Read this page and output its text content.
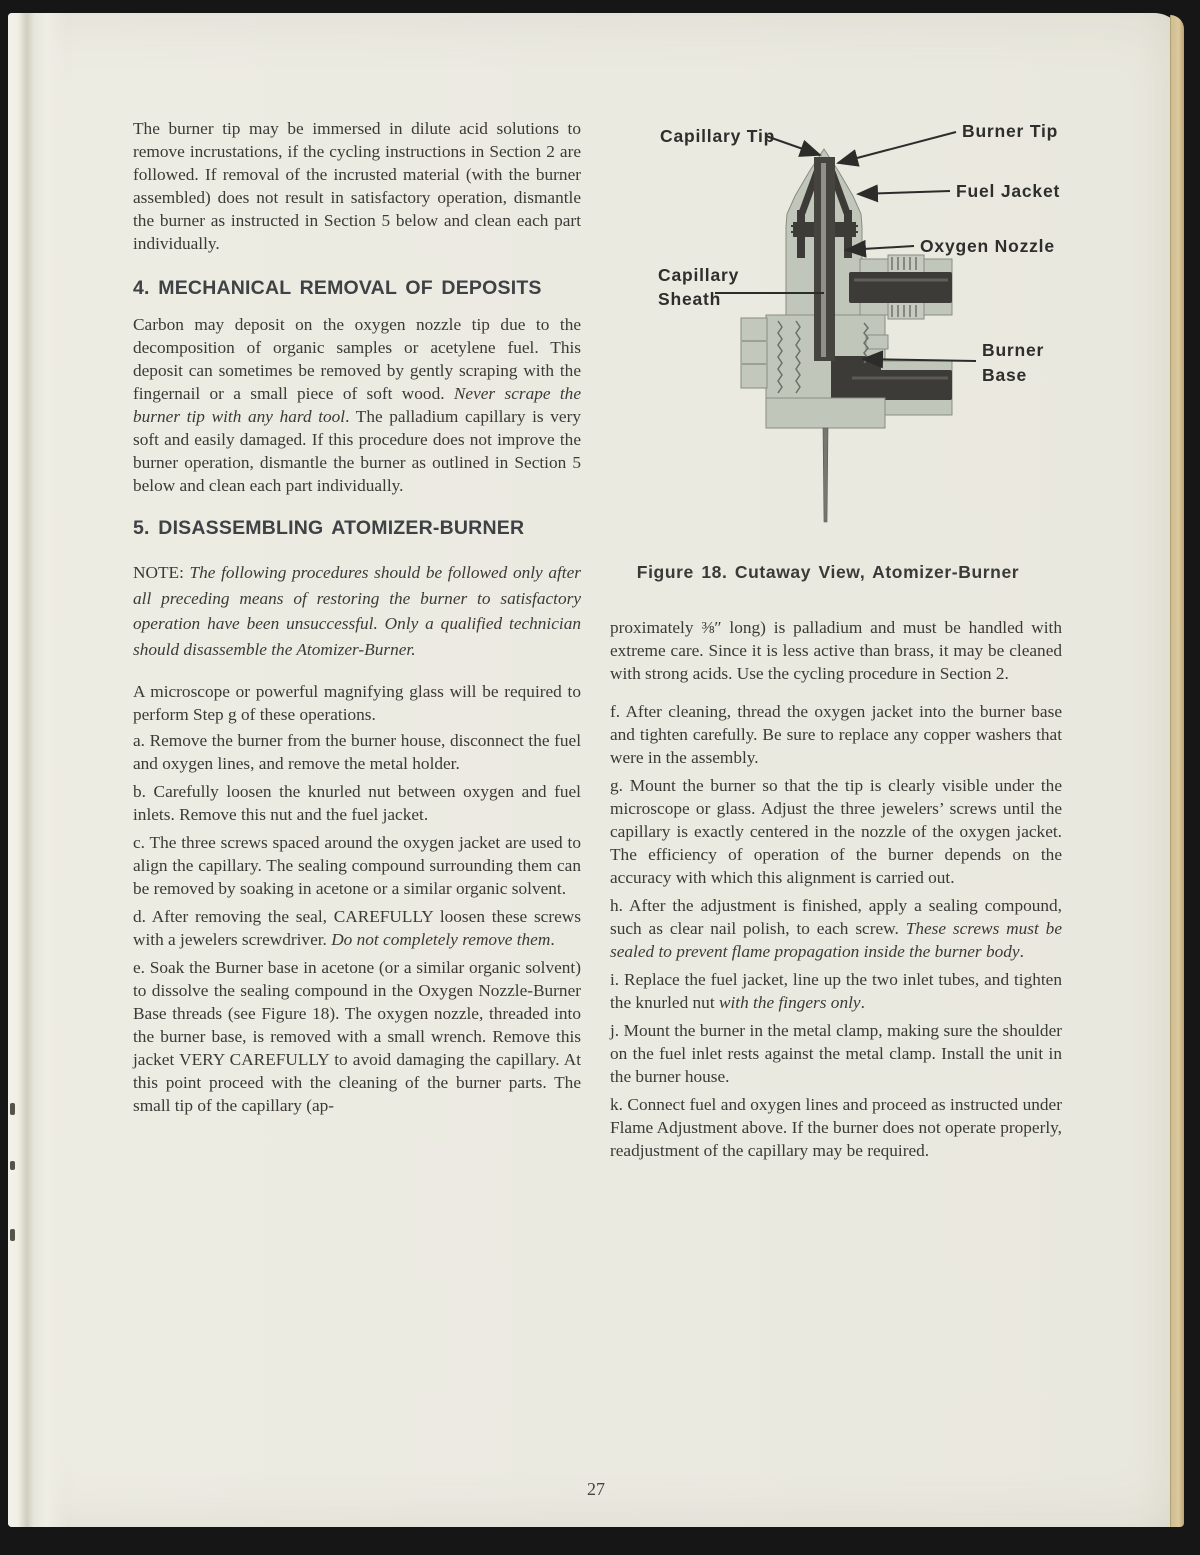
The burner tip may be immersed in dilute acid solutions to remove incrustations, if the cycling instructions in Section 2 are followed. If removal of the incrusted material (with the burner assembled) does not result in satisfactory operation, dismantle the burner as instructed in Section 5 below and clean each part individually.

4. MECHANICAL REMOVAL OF DEPOSITS

Carbon may deposit on the oxygen nozzle tip due to the decomposition of organic samples or acetylene fuel. This deposit can sometimes be removed by gently scraping with the fingernail or a small piece of soft wood. Never scrape the burner tip with any hard tool. The palladium capillary is very soft and easily damaged. If this procedure does not improve the burner operation, dismantle the burner as outlined in Section 5 below and clean each part individually.

5. DISASSEMBLING ATOMIZER-BURNER

NOTE: The following procedures should be followed only after all preceding means of restoring the burner to satisfactory operation have been unsuccessful. Only a qualified technician should disassemble the Atomizer-Burner.

A microscope or powerful magnifying glass will be required to perform Step g of these operations.

a. Remove the burner from the burner house, disconnect the fuel and oxygen lines, and remove the metal holder.

b. Carefully loosen the knurled nut between oxygen and fuel inlets. Remove this nut and the fuel jacket.

c. The three screws spaced around the oxygen jacket are used to align the capillary. The sealing compound surrounding them can be removed by soaking in acetone or a similar organic solvent.

d. After removing the seal, CAREFULLY loosen these screws with a jewelers screwdriver. Do not completely remove them.

e. Soak the Burner base in acetone (or a similar organic solvent) to dissolve the sealing compound in the Oxygen Nozzle-Burner Base threads (see Figure 18). The oxygen nozzle, threaded into the burner base, is removed with a small wrench. Remove this jacket VERY CAREFULLY to avoid damaging the capillary. At this point proceed with the cleaning of the burner parts. The small tip of the capillary (ap-

Capillary Tip	Burner Tip
Fuel Jacket
Oxygen Nozzle
Capillary
Sheath
Burner
Base
Figure 18. Cutaway View, Atomizer-Burner

proximately ⅜″ long) is palladium and must be handled with extreme care. Since it is less active than brass, it may be cleaned with strong acids. Use the cycling procedure in Section 2.

f. After cleaning, thread the oxygen jacket into the burner base and tighten carefully. Be sure to replace any copper washers that were in the assembly.

g. Mount the burner so that the tip is clearly visible under the microscope or glass. Adjust the three jewelers’ screws until the capillary is exactly centered in the nozzle of the oxygen jacket. The efficiency of operation of the burner depends on the accuracy with which this alignment is carried out.

h. After the adjustment is finished, apply a sealing compound, such as clear nail polish, to each screw. These screws must be sealed to prevent flame propagation inside the burner body.

i. Replace the fuel jacket, line up the two inlet tubes, and tighten the knurled nut with the fingers only.

j. Mount the burner in the metal clamp, making sure the shoulder on the fuel inlet rests against the metal clamp. Install the unit in the burner house.

k. Connect fuel and oxygen lines and proceed as instructed under Flame Adjustment above. If the burner does not operate properly, readjustment of the capillary may be required.

27
